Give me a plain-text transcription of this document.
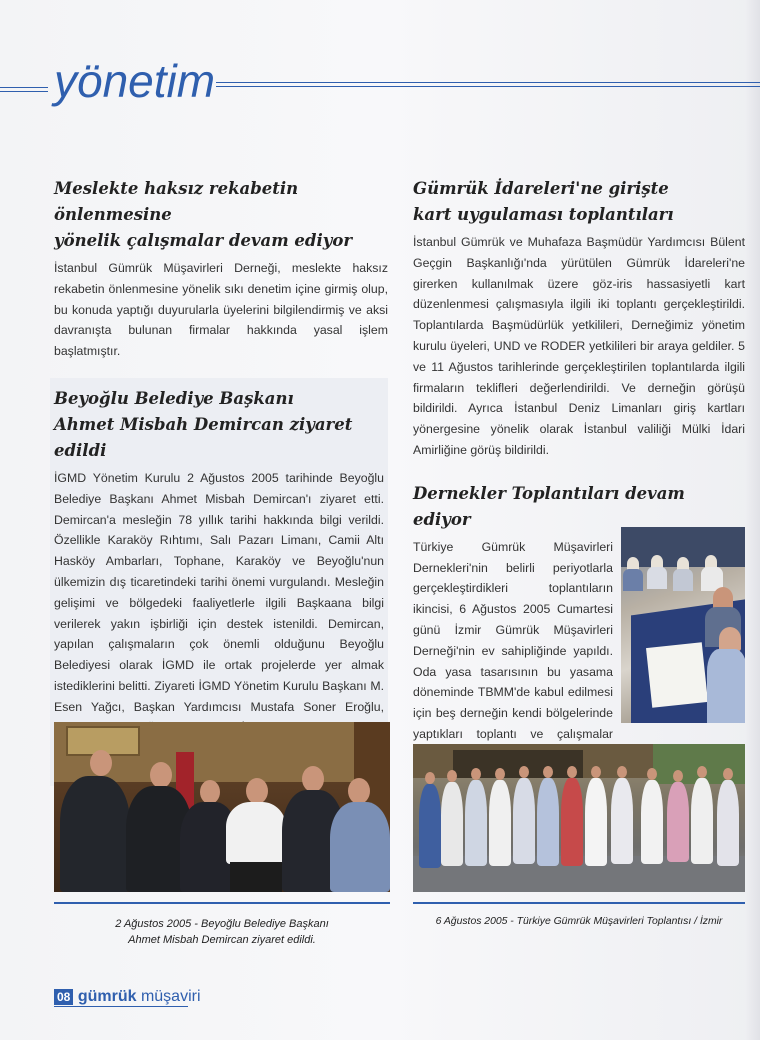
yönetim
Meslekte haksız rekabetin önlenmesine
yönelik çalışmalar devam ediyor

İstanbul Gümrük Müşavirleri Derneği, meslekte haksız rekabetin önlenmesine yönelik sıkı denetim içine girmiş olup, bu konuda yaptığı duyurularla üyelerini bilgilendirmiş ve aksi davranışta bulunan firmalar hakkında yasal işlem başlatmıştır.

Beyoğlu Belediye Başkanı
Ahmet Misbah Demircan ziyaret edildi

İGMD Yönetim Kurulu 2 Ağustos 2005 tarihinde Beyoğlu Belediye Başkanı Ahmet Misbah Demircan'ı ziyaret etti. Demircan'a mesleğin 78 yıllık tarihi hakkında bilgi verildi. Özellikle Karaköy Rıhtımı, Salı Pazarı Limanı, Camii Altı Hasköy Ambarları, Tophane, Karaköy ve Beyoğlu'nun ülkemizin dış ticaretindeki tarihi önemi vurgulandı. Mesleğin gelişimi ve bölgedeki faaliyetlerle ilgili Başkaana bilgi verilerek yakın işbirliği için destek istenildi. Demircan, yapılan çalışmaların çok önemli olduğunu Beyoğlu Belediyesi olarak İGMD ile ortak projelerde yer almak istediklerini belitti. Ziyareti İGMD Yönetim Kurulu Başkanı M. Esen Yağcı, Başkan Yardımcısı Mustafa Soner Eroğlu,

Gümrük İdareleri'ne girişte
kart uygulaması toplantıları

İstanbul Gümrük ve Muhafaza Başmüdür Yardımcısı Bülent Geçgin Başkanlığı'nda yürütülen Gümrük İdareleri'ne girerken kullanılmak üzere göz-iris hassasiyetli kart düzenlenmesi çalışmasıyla ilgili iki toplantı gerçekleştirildi. Toplantılarda Başmüdürlük yetkilileri, Derneğimiz yönetim kurulu üyeleri, UND ve RODER yetkilileri bir araya geldiler. 5 ve 11 Ağustos tarihlerinde gerçekleştirilen toplantılarda ilgili firmaların teklifleri değerlendirildi. Ve derneğin görüşü bildirildi. Ayrıca İstanbul Deniz Limanları giriş kartları yönergesine yönelik olarak İstanbul valiliği Mülki İdari Amirliğine görüş bildirildi.

Dernekler Toplantıları devam ediyor

Türkiye Gümrük Müşavirleri Dernekleri'nin belirli periyotlarla gerçekleştirdikleri toplantıların ikincisi, 6 Ağustos 2005 Cumartesi günü İzmir Gümrük Müşavirleri Derneği'nin ev sahipliğinde yapıldı. Oda yasa tasarısının bu yasama döneminde TBMM'de kabul edilmesi için beş derneğin kendi bölgelerinde yaptıkları toplantı ve çalışmalar

2 Ağustos 2005 - Beyoğlu Belediye Başkanı
Ahmet Misbah Demircan ziyaret edildi.
6 Ağustos 2005 - Türkiye Gümrük Müşavirleri Toplantısı / İzmir
08 gümrük müşaviri
